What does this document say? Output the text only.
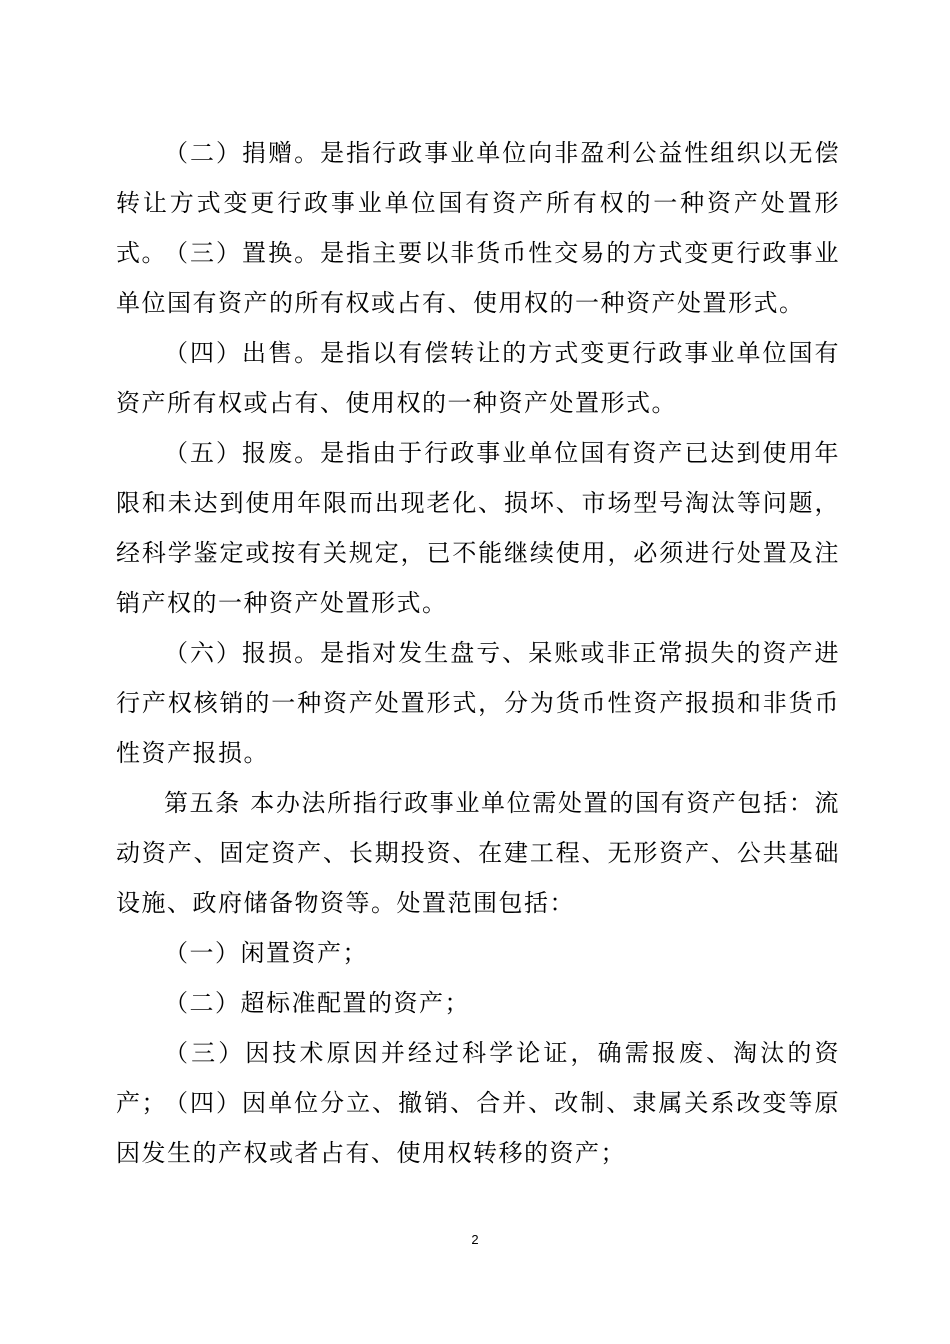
（二）捐赠。是指行政事业单位向非盈利公益性组织以无偿转让方式变更行政事业单位国有资产所有权的一种资产处置形式。

（三）置换。是指主要以非货币性交易的方式变更行政事业单位国有资产的所有权或占有、使用权的一种资产处置形式。

（四）出售。是指以有偿转让的方式变更行政事业单位国有资产所有权或占有、使用权的一种资产处置形式。

（五）报废。是指由于行政事业单位国有资产已达到使用年限和未达到使用年限而出现老化、损坏、市场型号淘汰等问题，经科学鉴定或按有关规定，已不能继续使用，必须进行处置及注销产权的一种资产处置形式。

（六）报损。是指对发生盘亏、呆账或非正常损失的资产进行产权核销的一种资产处置形式，分为货币性资产报损和非货币性资产报损。

第五条 本办法所指行政事业单位需处置的国有资产包括：流动资产、固定资产、长期投资、在建工程、无形资产、公共基础设施、政府储备物资等。处置范围包括：

（一）闲置资产；

（二）超标准配置的资产；

（三）因技术原因并经过科学论证，确需报废、淘汰的资产；

（四）因单位分立、撤销、合并、改制、隶属关系改变等原因发生的产权或者占有、使用权转移的资产；

2
